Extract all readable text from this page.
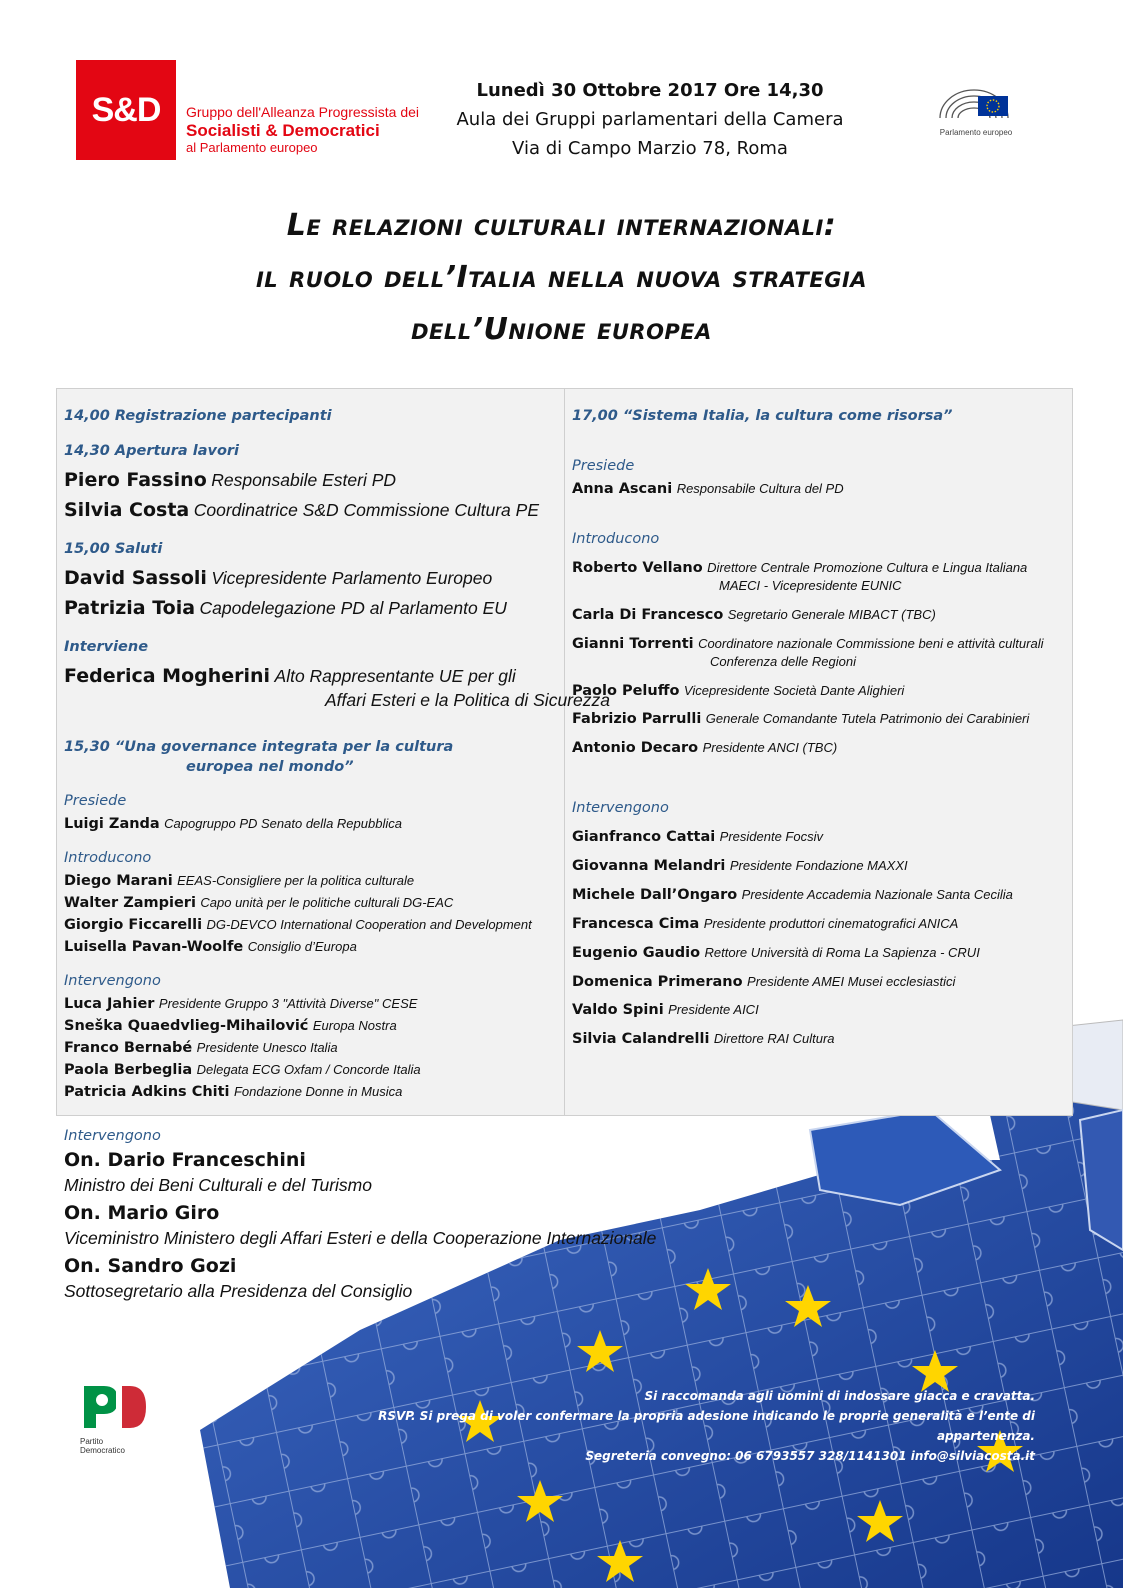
S&D	Gruppo dell'Alleanza Progressista dei
Socialisti & Democratici
al Parlamento europeo
Lunedì 30 Ottobre 2017 Ore 14,30
Aula dei Gruppi parlamentari della Camera
Via di Campo Marzio 78, Roma
Parlamento europeo
Le relazioni culturali internazionali:
il ruolo dell’Italia nella nuova strategia
dell’Unione europea
14,00 Registrazione partecipanti
14,30 Apertura lavori
Piero Fassino Responsabile Esteri PD
Silvia Costa Coordinatrice S&D Commissione Cultura PE
15,00 Saluti
David Sassoli Vicepresidente Parlamento Europeo
Patrizia Toia Capodelegazione PD al Parlamento EU
Interviene
Federica Mogherini Alto Rappresentante UE per gli
Affari Esteri e la Politica di Sicurezza
15,30 “Una governance integrata per la cultura
europea nel mondo”
Presiede
Luigi Zanda Capogruppo PD Senato della Repubblica
Introducono
Diego Marani EEAS-Consigliere per la politica culturale
Walter Zampieri Capo unità per le politiche culturali DG-EAC
Giorgio Ficcarelli DG-DEVCO International Cooperation and Development
Luisella Pavan-Woolfe Consiglio d’Europa
Intervengono
Luca Jahier Presidente Gruppo 3 "Attività Diverse" CESE
Sneška Quaedvlieg-Mihailović Europa Nostra
Franco Bernabé Presidente Unesco Italia
Paola Berbeglia Delegata ECG Oxfam / Concorde Italia
Patricia Adkins Chiti Fondazione Donne in Musica
17,00 “Sistema Italia, la cultura come risorsa”
Presiede
Anna Ascani Responsabile Cultura del PD
Introducono
Roberto Vellano Direttore Centrale Promozione Cultura e Lingua Italiana
MAECI - Vicepresidente EUNIC
Carla Di Francesco Segretario Generale MIBACT (TBC)
Gianni Torrenti Coordinatore nazionale Commissione beni e attività culturali
Conferenza delle Regioni
Paolo Peluffo Vicepresidente Società Dante Alighieri
Fabrizio Parrulli Generale Comandante Tutela Patrimonio dei Carabinieri
Antonio Decaro Presidente ANCI (TBC)
Intervengono
Gianfranco Cattai Presidente Focsiv
Giovanna Melandri Presidente Fondazione MAXXI
Michele Dall’Ongaro Presidente Accademia Nazionale Santa Cecilia
Francesca Cima Presidente produttori cinematografici ANICA
Eugenio Gaudio Rettore Università di Roma La Sapienza - CRUI
Domenica Primerano Presidente AMEI Musei ecclesiastici
Valdo Spini Presidente AICI
Silvia Calandrelli Direttore RAI Cultura
Intervengono
On. Dario Franceschini
Ministro dei Beni Culturali e del Turismo
On. Mario Giro
Viceministro Ministero degli Affari Esteri e della Cooperazione Internazionale
On. Sandro Gozi
Sottosegretario alla Presidenza del Consiglio
Partito Democratico
Si raccomanda agli uomini di indossare giacca e cravatta.
RSVP. Si prega di voler confermare la propria adesione indicando le proprie generalità e l’ente di appartenenza.
Segreteria convegno: 06 6793557 328/1141301 info@silviacosta.it
